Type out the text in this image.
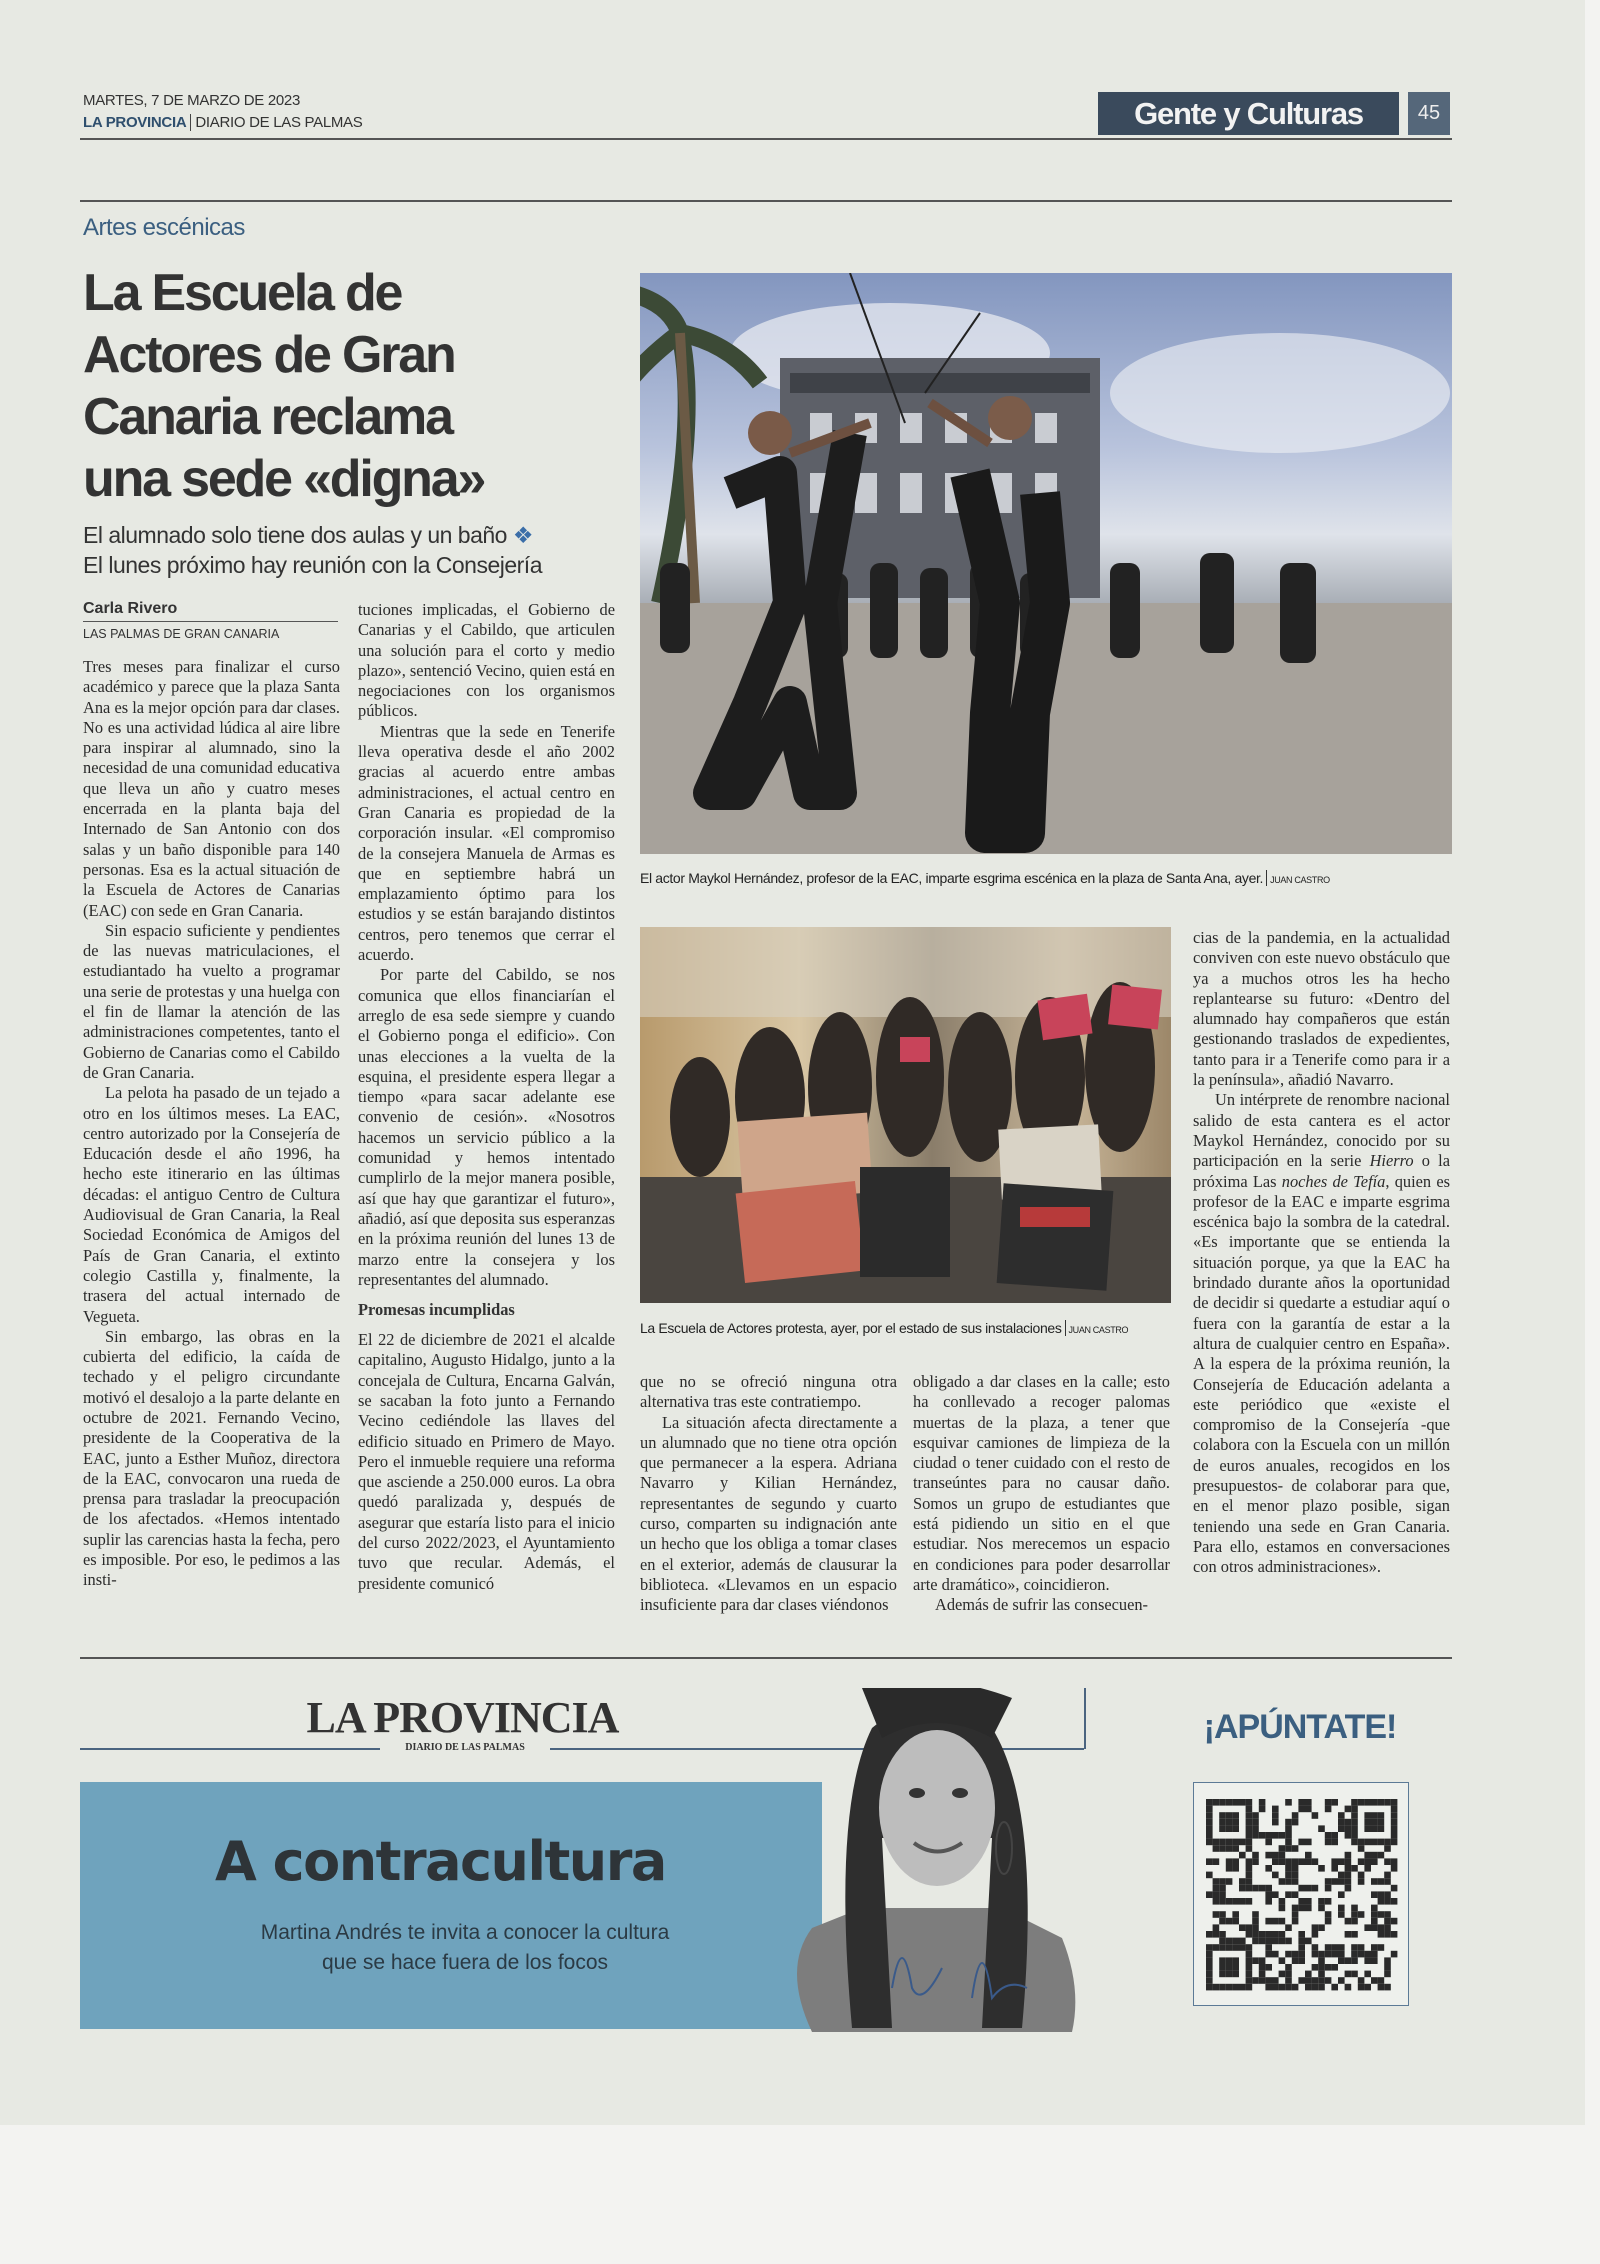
MARTES, 7 DE MARZO DE 2023
LA PROVINCIA DIARIO DE LAS PALMAS	Gente y Culturas	45
Artes escénicas
La Escuela de
Actores de Gran
Canaria reclama
una sede «digna»
El alumnado solo tiene dos aulas y un baño ❖
El lunes próximo hay reunión con la Consejería
Carla Rivero
LAS PALMAS DE GRAN CANARIA

Tres meses para finalizar el curso académico y parece que la plaza Santa Ana es la mejor opción para dar clases. No es una actividad lúdica al aire libre para inspirar al alumnado, sino la necesidad de una comunidad educativa que lleva un año y cuatro meses encerrada en la planta baja del Internado de San Antonio con dos salas y un baño disponible para 140 personas. Esa es la actual situación de la Escuela de Actores de Canarias (EAC) con sede en Gran Canaria.

Sin espacio suficiente y pendientes de las nuevas matriculaciones, el estudiantado ha vuelto a programar una serie de protestas y una huelga con el fin de llamar la atención de las administraciones competentes, tanto el Gobierno de Canarias como el Cabildo de Gran Canaria.

La pelota ha pasado de un tejado a otro en los últimos meses. La EAC, centro autorizado por la Consejería de Educación desde el año 1996, ha hecho este itinerario en las últimas décadas: el antiguo Centro de Cultura Audiovisual de Gran Canaria, la Real Sociedad Económica de Amigos del País de Gran Canaria, el extinto colegio Castilla y, finalmente, la trasera del actual internado de Vegueta.

Sin embargo, las obras en la cubierta del edificio, la caída de techado y el peligro circundante motivó el desalojo a la parte delante en octubre de 2021. Fernando Vecino, presidente de la Cooperativa de la EAC, junto a Esther Muñoz, directora de la EAC, convocaron una rueda de prensa para trasladar la preocupación de los afectados. «Hemos intentado suplir las carencias hasta la fecha, pero es imposible. Por eso, le pedimos a las insti-

tuciones implicadas, el Gobierno de Canarias y el Cabildo, que articulen una solución para el corto y medio plazo», sentenció Vecino, quien está en negociaciones con los organismos públicos.

Mientras que la sede en Tenerife lleva operativa desde el año 2002 gracias al acuerdo entre ambas administraciones, el actual centro en Gran Canaria es propiedad de la corporación insular. «El compromiso de la consejera Manuela de Armas es que en septiembre habrá un emplazamiento óptimo para los estudios y se están barajando distintos centros, pero tenemos que cerrar el acuerdo.

Por parte del Cabildo, se nos comunica que ellos financiarían el arreglo de esa sede siempre y cuando el Gobierno ponga el edificio». Con unas elecciones a la vuelta de la esquina, el presidente espera llegar a tiempo «para sacar adelante ese convenio de cesión». «Nosotros hacemos un servicio público a la comunidad y hemos intentado cumplirlo de la mejor manera posible, así que hay que garantizar el futuro», añadió, así que deposita sus esperanzas en la próxima reunión del lunes 13 de marzo entre la consejera y los representantes del alumnado.

Promesas incumplidas

El 22 de diciembre de 2021 el alcalde capitalino, Augusto Hidalgo, junto a la concejala de Cultura, Encarna Galván, se sacaban la foto junto a Fernando Vecino cediéndole las llaves del edificio situado en Primero de Mayo. Pero el inmueble requiere una reforma que asciende a 250.000 euros. La obra quedó paralizada y, después de asegurar que estaría listo para el inicio del curso 2022/2023, el Ayuntamiento tuvo que recular. Además, el presidente comunicó

que no se ofreció ninguna otra alternativa tras este contratiempo.

La situación afecta directamente a un alumnado que no tiene otra opción que permanecer a la espera. Adriana Navarro y Kilian Hernández, representantes de segundo y cuarto curso, comparten su indignación ante un hecho que los obliga a tomar clases en el exterior, además de clausurar la biblioteca. «Llevamos en un espacio insuficiente para dar clases viéndonos

obligado a dar clases en la calle; esto ha conllevado a recoger palomas muertas de la plaza, a tener que esquivar camiones de limpieza de la ciudad o tener cuidado con el resto de transeúntes para no causar daño. Somos un grupo de estudiantes que está pidiendo un sitio en el que estudiar. Nos merecemos un espacio en condiciones para poder desarrollar arte dramático», coincidieron.

Además de sufrir las consecuen-

cias de la pandemia, en la actualidad conviven con este nuevo obstáculo que ya a muchos otros les ha hecho replantearse su futuro: «Dentro del alumnado hay compañeros que están gestionando traslados de expedientes, tanto para ir a Tenerife como para ir a la península», añadió Navarro.

Un intérprete de renombre nacional salido de esta cantera es el actor Maykol Hernández, conocido por su participación en la serie Hierro o la próxima Las noches de Tefía, quien es profesor de la EAC e imparte esgrima escénica bajo la sombra de la catedral. «Es importante que se entienda la situación porque, ya que la EAC ha brindado durante años la oportunidad de decidir si quedarte a estudiar aquí o fuera con la garantía de estar a la altura de cualquier centro en España». A la espera de la próxima reunión, la Consejería de Educación adelanta a este periódico que «existe el compromiso de la Consejería -que colabora con la Escuela con un millón de euros anuales, recogidos en los presupuestos- de colaborar para que, en el menor plazo posible, sigan teniendo una sede en Gran Canaria. Para ello, estamos en conversaciones con otros administraciones».

El actor Maykol Hernández, profesor de la EAC, imparte esgrima escénica en la plaza de Santa Ana, ayer. JUAN CASTRO
La Escuela de Actores protesta, ayer, por el estado de sus instalaciones JUAN CASTRO
LA PROVINCIA
DIARIO DE LAS PALMAS
A contracultura
Martina Andrés te invita a conocer la cultura
que se hace fuera de los focos
¡APÚNTATE!
